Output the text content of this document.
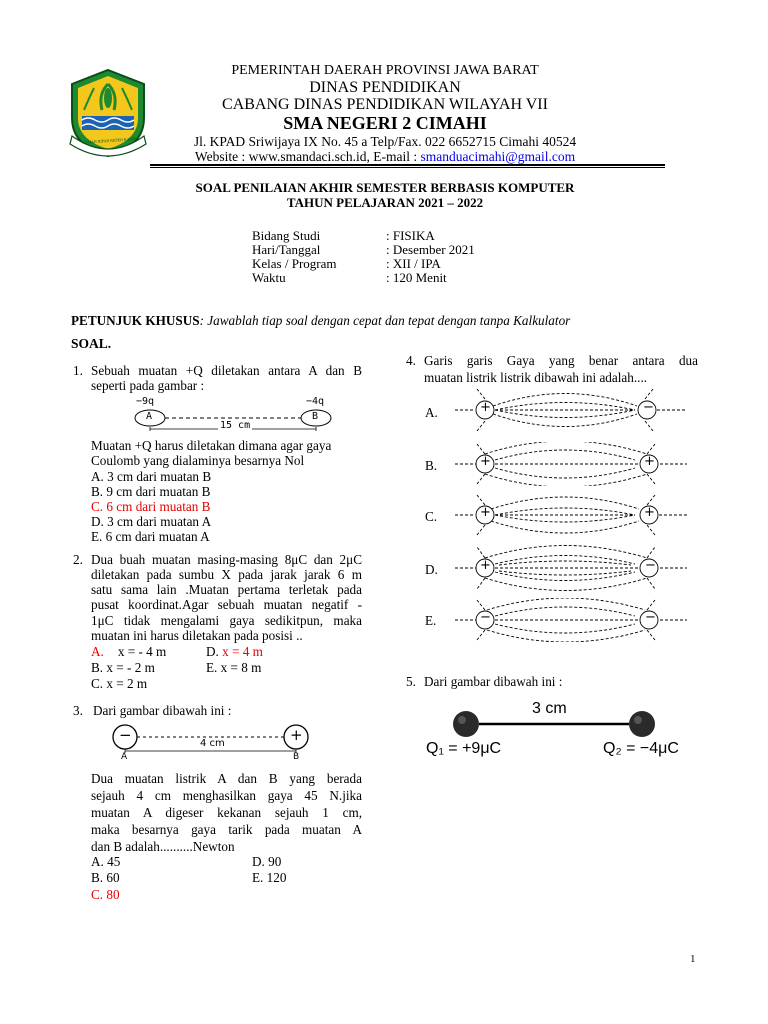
GEMAH RIPAH REPEH RAPIH
PEMERINTAH DAERAH PROVINSI JAWA BARAT
DINAS PENDIDIKAN
CABANG DINAS PENDIDIKAN WILAYAH VII
SMA NEGERI 2 CIMAHI
Jl. KPAD Sriwijaya IX No. 45 a Telp/Fax. 022 6652715 Cimahi 40524
Website : www.smandaci.sch.id, E-mail : smanduacimahi@gmail.com
SOAL PENILAIAN AKHIR SEMESTER BERBASIS KOMPUTER
TAHUN PELAJARAN 2021 – 2022
Bidang Studi	: FISIKA
Hari/Tanggal	: Desember 2021
Kelas / Program	: XII / IPA
Waktu	: 120 Menit
PETUNJUK KHUSUS: Jawablah tiap soal dengan cepat dan tepat dengan tanpa Kalkulator
SOAL.
1. Sebuah muatan +Q diletakan antara A dan B
seperti pada gambar :
−9q	−4q
A	B
15 cm
Muatan +Q harus diletakan dimana agar gaya
Coulomb yang dialaminya besarnya Nol
A. 3 cm dari muatan B
B. 9 cm dari muatan B
C. 6 cm dari muatan B
D. 3 cm dari muatan A
E. 6 cm dari muatan A
2. Dua buah muatan masing-masing 8μC dan 2μC
diletakan pada sumbu X pada jarak jarak 6 m
satu sama lain .Muatan pertama terletak pada
pusat koordinat.Agar sebuah muatan negatif -
1μC tidak mengalami gaya sedikitpun, maka
muatan ini harus diletakan pada posisi ..
A. x = - 4 m	D. x = 4 m
B. x = - 2 m	E. x = 8 m
C. x = 2 m
3. Dari gambar dibawah ini :
−	+
4 cm
A	B
Dua muatan listrik A dan B yang berada
sejauh 4 cm menghasilkan gaya 45 N.jika
muatan A digeser kekanan sejauh 1 cm,
maka besarnya gaya tarik pada muatan A
dan B adalah..........Newton
A. 45	D. 90
B. 60	E. 120
C. 80
4. Garis garis Gaya yang benar antara dua
muatan listrik listrik dibawah ini adalah....
A.
B.
C.
D.
E.
+	−
+	+
+	+
+	−
−	−
5. Dari gambar dibawah ini :
3 cm
Q₁ = +9μC	Q₂ = −4μC
1
